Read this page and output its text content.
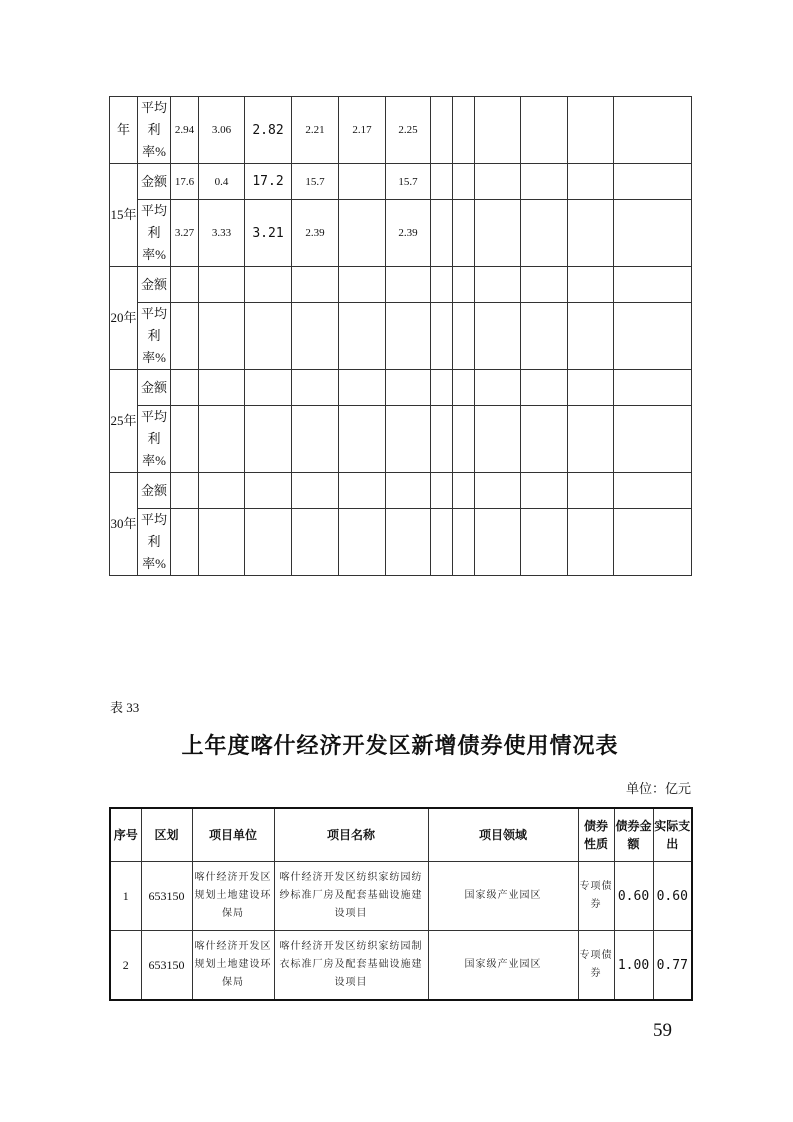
年	平均利率%	2.94	3.06	2.82	2.21	2.17	2.25						
15年	金额	17.6	0.4	17.2	15.7		15.7						
	平均利率%	3.27	3.33	3.21	2.39		2.39						
20年	金额												
	平均利率%												
25年	金额												
	平均利率%												
30年	金额												
	平均利率%												
表 33
上年度喀什经济开发区新增债券使用情况表
单位：亿元
序号	区划	项目单位	项目名称	项目领域	债券性质	债券金额	实际支出
1	653150	喀什经济开发区规划土地建设环保局	喀什经济开发区纺织家纺园纺纱标准厂房及配套基础设施建设项目	国家级产业园区	专项债券	0.60	0.60
2	653150	喀什经济开发区规划土地建设环保局	喀什经济开发区纺织家纺园制衣标准厂房及配套基础设施建设项目	国家级产业园区	专项债券	1.00	0.77
59
